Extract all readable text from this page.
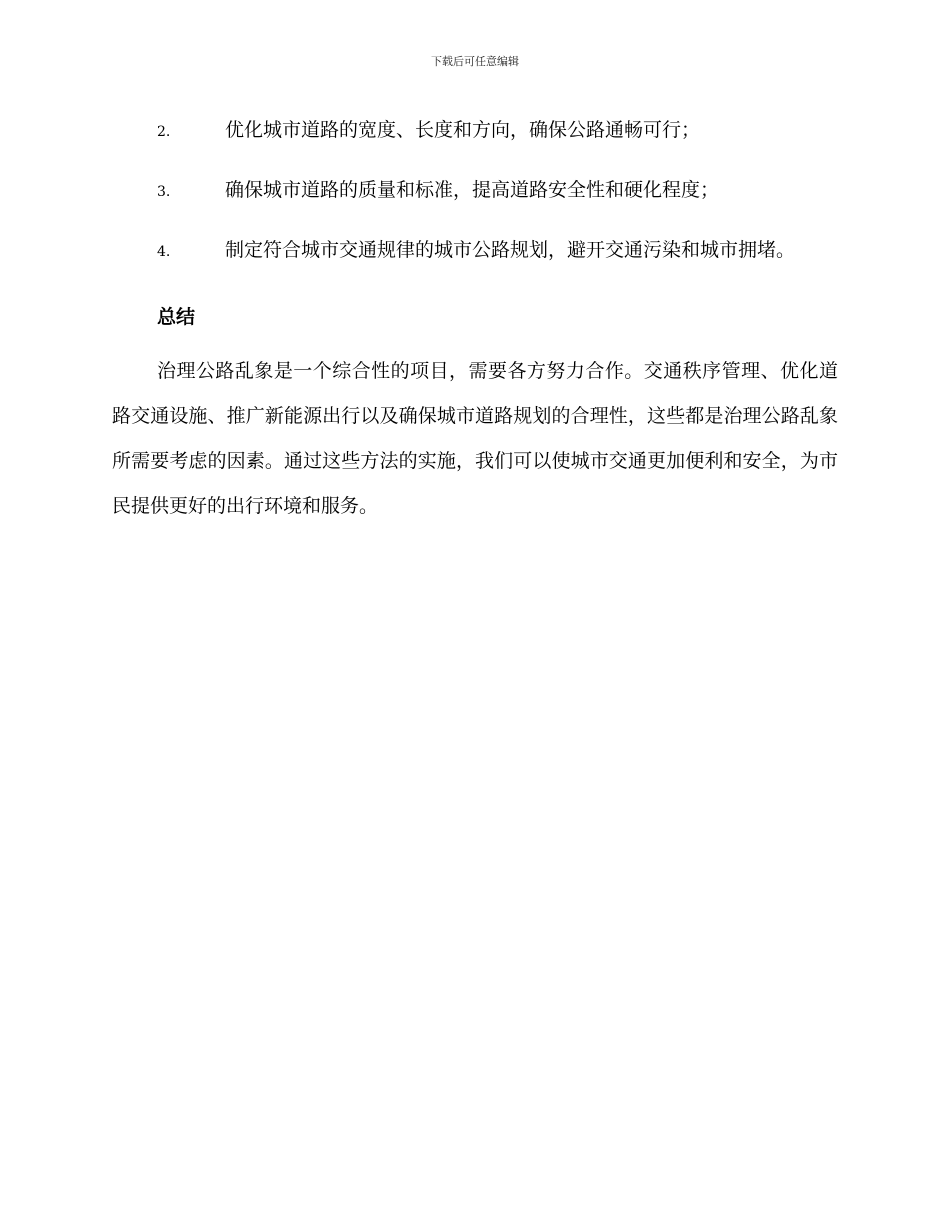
下载后可任意编辑
2.	优化城市道路的宽度、长度和方向，确保公路通畅可行；
3.	确保城市道路的质量和标准，提高道路安全性和硬化程度；
4.	制定符合城市交通规律的城市公路规划，避开交通污染和城市拥堵。
总结

治理公路乱象是一个综合性的项目，需要各方努力合作。交通秩序管理、优化道路交通设施、推广新能源出行以及确保城市道路规划的合理性，这些都是治理公路乱象所需要考虑的因素。通过这些方法的实施，我们可以使城市交通更加便利和安全，为市民提供更好的出行环境和服务。
